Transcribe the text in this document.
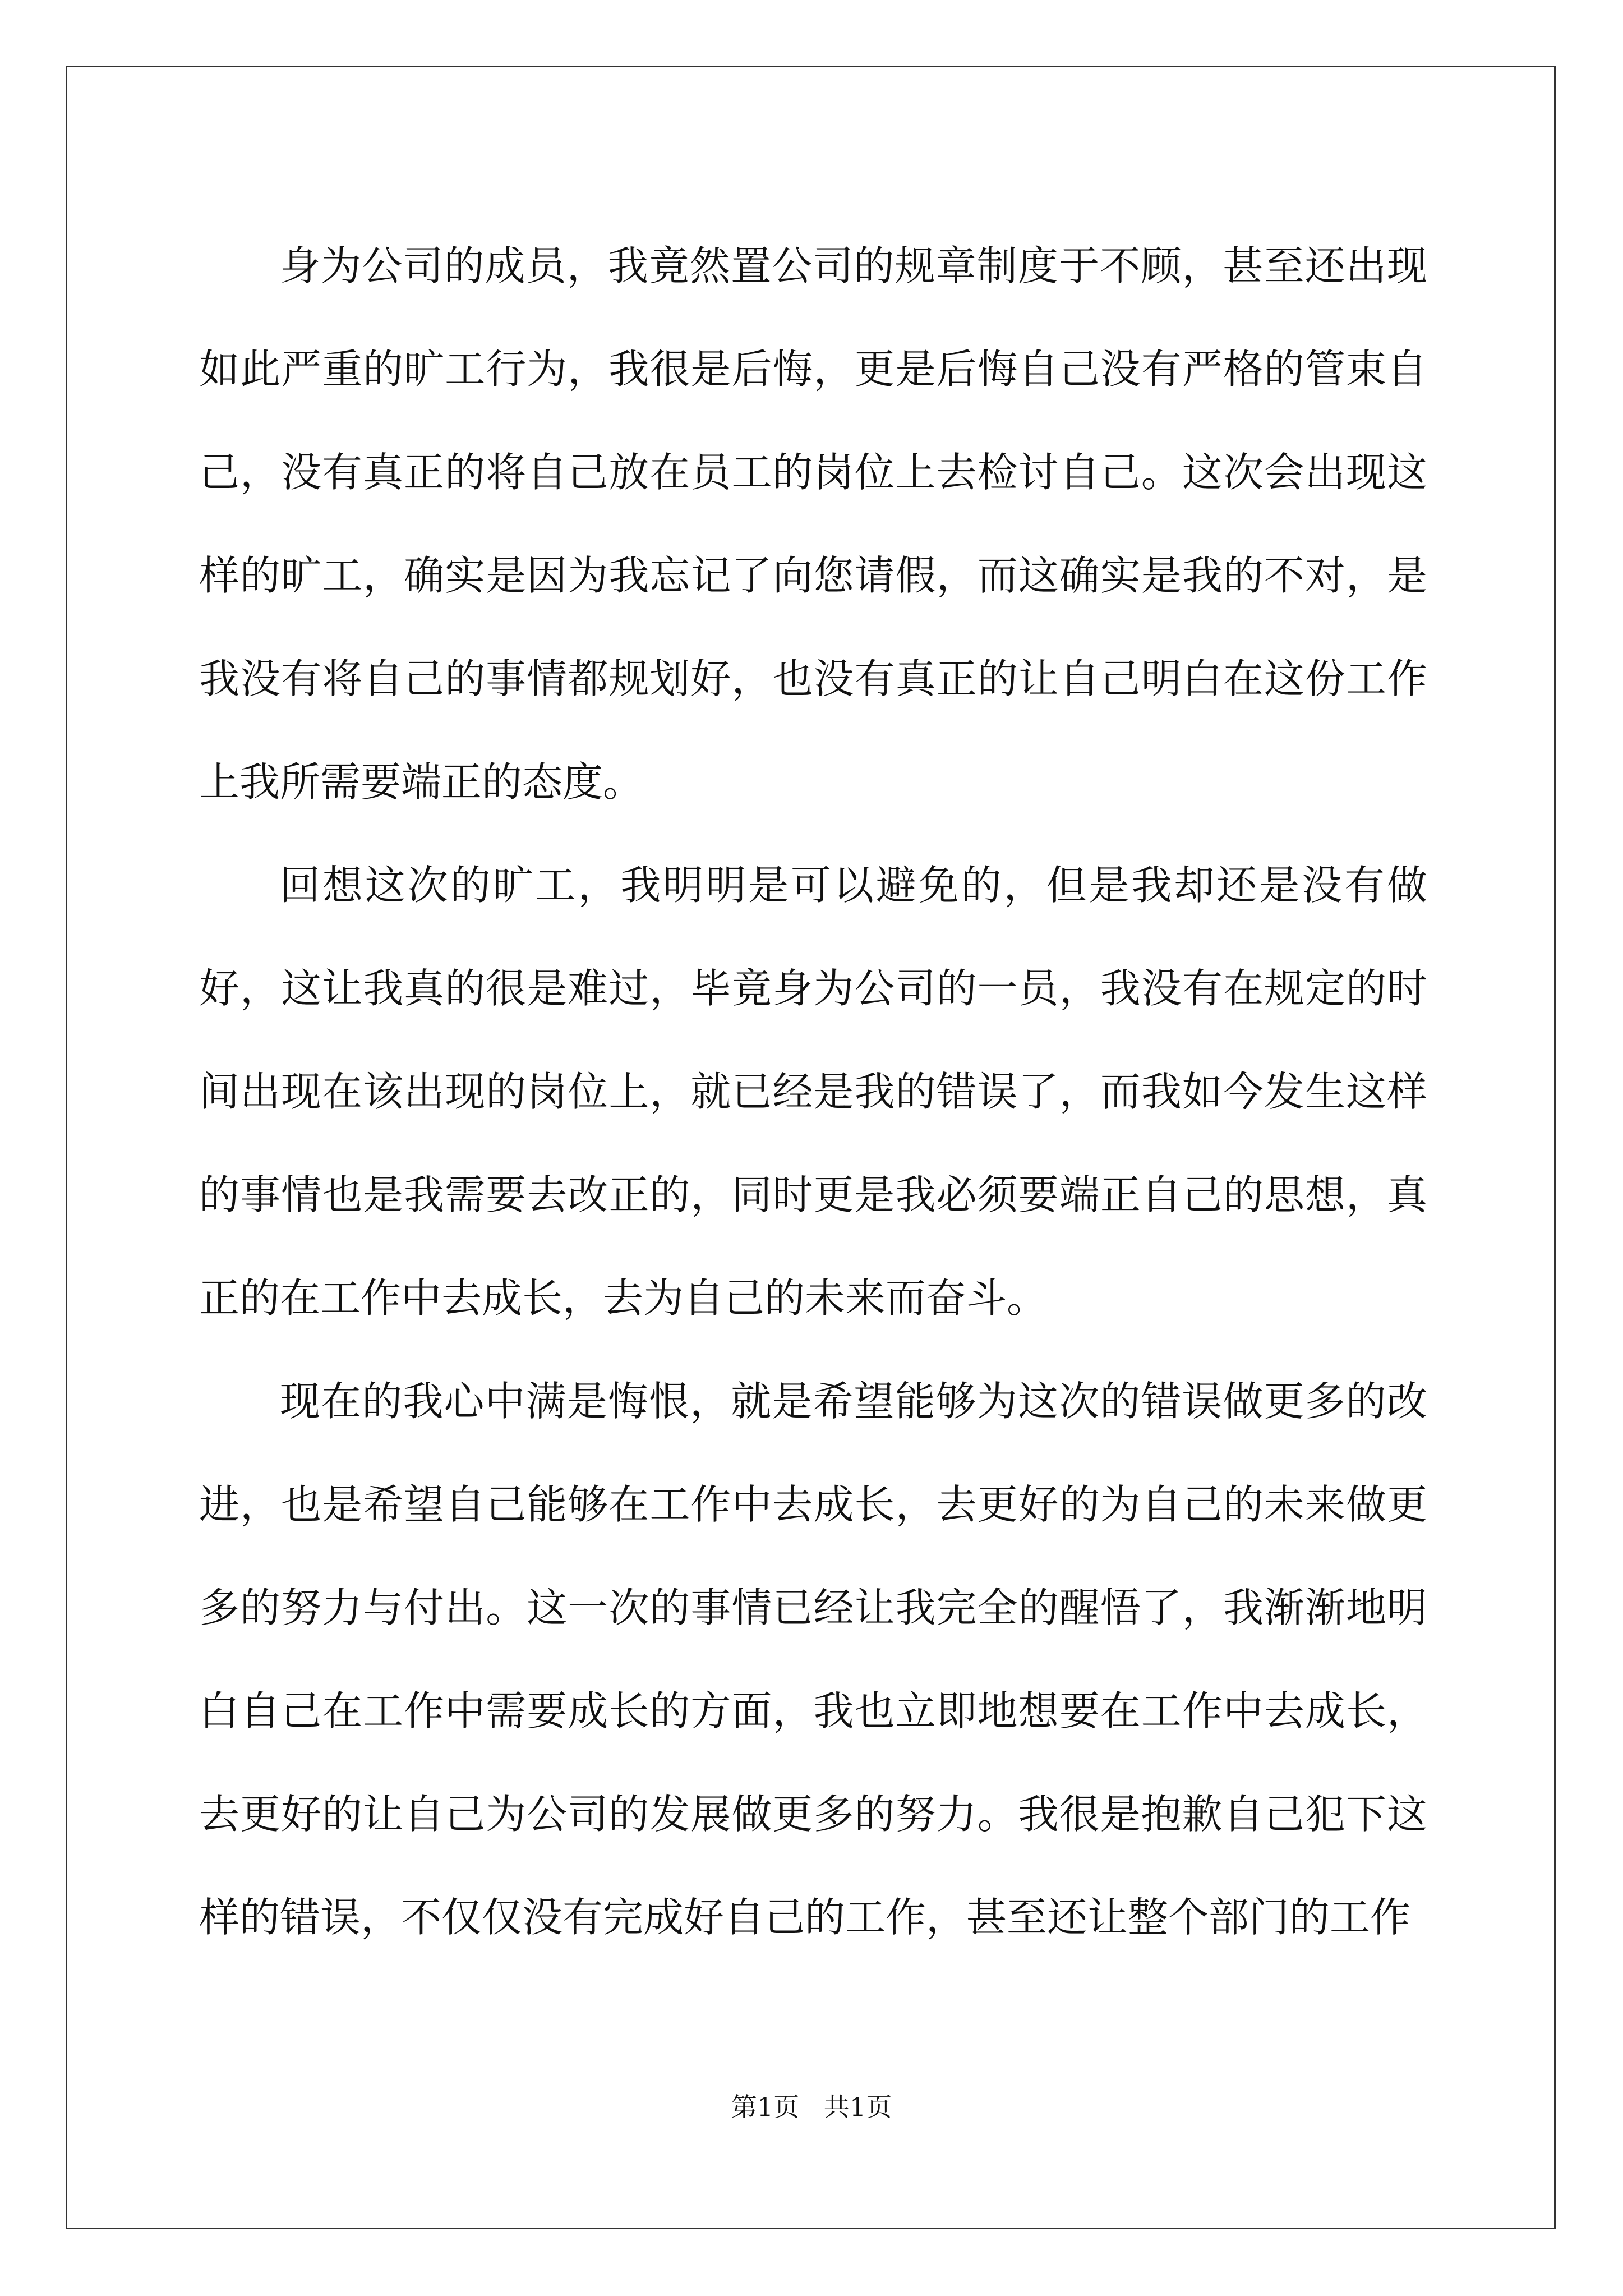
身为公司的成员，我竟然置公司的规章制度于不顾，甚至还出现如此严重的旷工行为，我很是后悔，更是后悔自己没有严格的管束自己，没有真正的将自己放在员工的岗位上去检讨自己。这次会出现这样的旷工，确实是因为我忘记了向您请假，而这确实是我的不对，是我没有将自己的事情都规划好，也没有真正的让自己明白在这份工作上我所需要端正的态度。

回想这次的旷工，我明明是可以避免的，但是我却还是没有做好，这让我真的很是难过，毕竟身为公司的一员，我没有在规定的时间出现在该出现的岗位上，就已经是我的错误了，而我如今发生这样的事情也是我需要去改正的，同时更是我必须要端正自己的思想，真正的在工作中去成长，去为自己的未来而奋斗。

现在的我心中满是悔恨，就是希望能够为这次的错误做更多的改进，也是希望自己能够在工作中去成长，去更好的为自己的未来做更多的努力与付出。这一次的事情已经让我完全的醒悟了，我渐渐地明白自己在工作中需要成长的方面，我也立即地想要在工作中去成长，去更好的让自己为公司的发展做更多的努力。我很是抱歉自己犯下这样的错误，不仅仅没有完成好自己的工作，甚至还让整个部门的工作

第1页   共1页
